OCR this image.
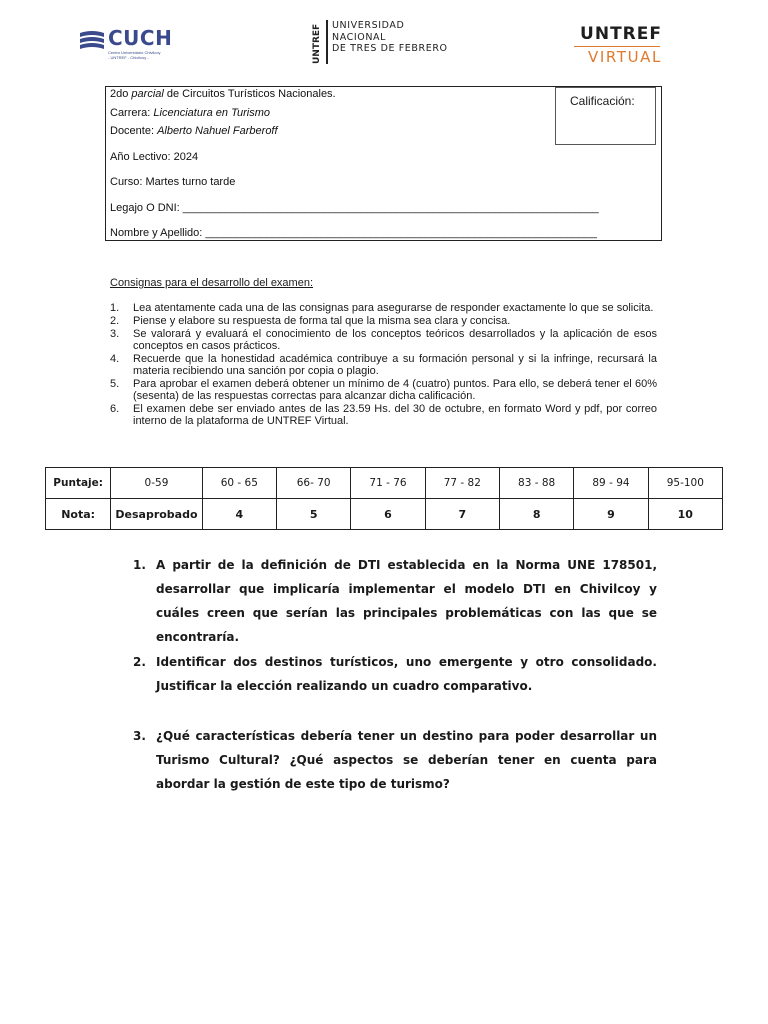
CUCH
Centro Universitario Chivilcoy
- UNTREF - Chivilcoy -	UNTREF UNIVERSIDAD
NACIONAL
DE TRES DE FEBRERO
UNTREF
VIRTUAL
2do parcial de Circuitos Turísticos Nacionales.
Carrera: Licenciatura en Turismo
Docente: Alberto Nahuel Farberoff
Año Lectivo: 2024
Curso: Martes turno tarde
Legajo O DNI: ____________________________________________________________________
Nombre y Apellido: ________________________________________________________________
Calificación:
Consignas para el desarrollo del examen:
1. Lea atentamente cada una de las consignas para asegurarse de responder exactamente lo que se solicita.
2. Piense y elabore su respuesta de forma tal que la misma sea clara y concisa.
3. Se valorará y evaluará el conocimiento de los conceptos teóricos desarrollados y la aplicación de esos conceptos en casos prácticos.
4. Recuerde que la honestidad académica contribuye a su formación personal y si la infringe, recursará la materia recibiendo una sanción por copia o plagio.
5. Para aprobar el examen deberá obtener un mínimo de 4 (cuatro) puntos. Para ello, se deberá tener el 60% (sesenta) de las respuestas correctas para alcanzar dicha calificación.
6. El examen debe ser enviado antes de las 23.59 Hs. del 30 de octubre, en formato Word y pdf, por correo interno de la plataforma de UNTREF Virtual.
Puntaje:	0-59	60 - 65	66- 70	71 - 76	77 - 82	83 - 88	89 - 94	95-100
Nota:	Desaprobado	4	5	6	7	8	9	10
1. A partir de la definición de DTI establecida en la Norma UNE 178501, desarrollar que implicaría implementar el modelo DTI en Chivilcoy y cuáles creen que serían las principales problemáticas con las que se encontraría.
2. Identificar dos destinos turísticos, uno emergente y otro consolidado. Justificar la elección realizando un cuadro comparativo.
3. ¿Qué características debería tener un destino para poder desarrollar un Turismo Cultural? ¿Qué aspectos se deberían tener en cuenta para abordar la gestión de este tipo de turismo?
